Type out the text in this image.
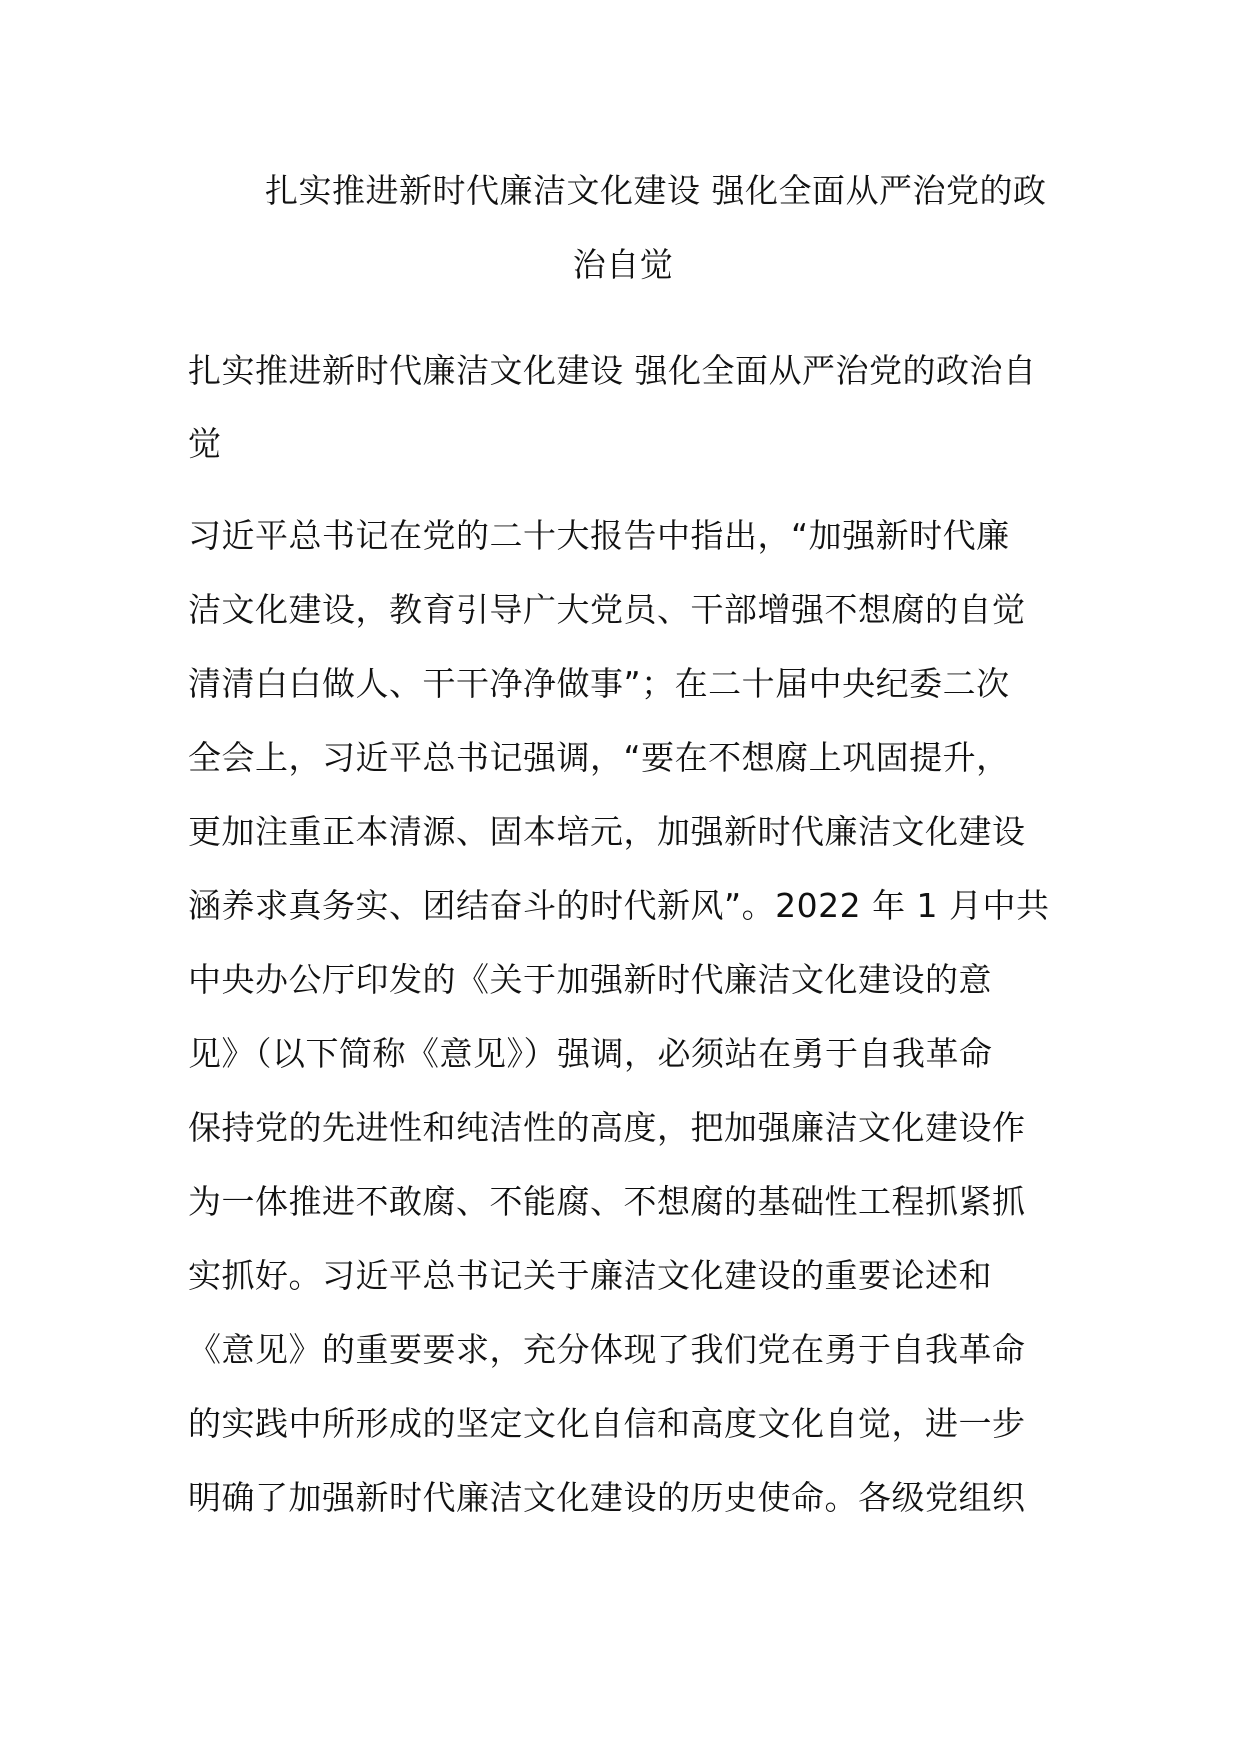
扎实推进新时代廉洁文化建设 强化全面从严治党的政
治自觉
扎实推进新时代廉洁文化建设 强化全面从严治党的政治自
觉
习近平总书记在党的二十大报告中指出，“加强新时代廉
洁文化建设，教育引导广大党员、干部增强不想腐的自觉
清清白白做人、干干净净做事”；在二十届中央纪委二次
全会上，习近平总书记强调，“要在不想腐上巩固提升，
更加注重正本清源、固本培元，加强新时代廉洁文化建设
涵养求真务实、团结奋斗的时代新风”。2022 年 1 月中共
中央办公厅印发的《关于加强新时代廉洁文化建设的意
见》（以下简称《意见》）强调，必须站在勇于自我革命
保持党的先进性和纯洁性的高度，把加强廉洁文化建设作
为一体推进不敢腐、不能腐、不想腐的基础性工程抓紧抓
实抓好。习近平总书记关于廉洁文化建设的重要论述和
《意见》的重要要求，充分体现了我们党在勇于自我革命
的实践中所形成的坚定文化自信和高度文化自觉，进一步
明确了加强新时代廉洁文化建设的历史使命。各级党组织
